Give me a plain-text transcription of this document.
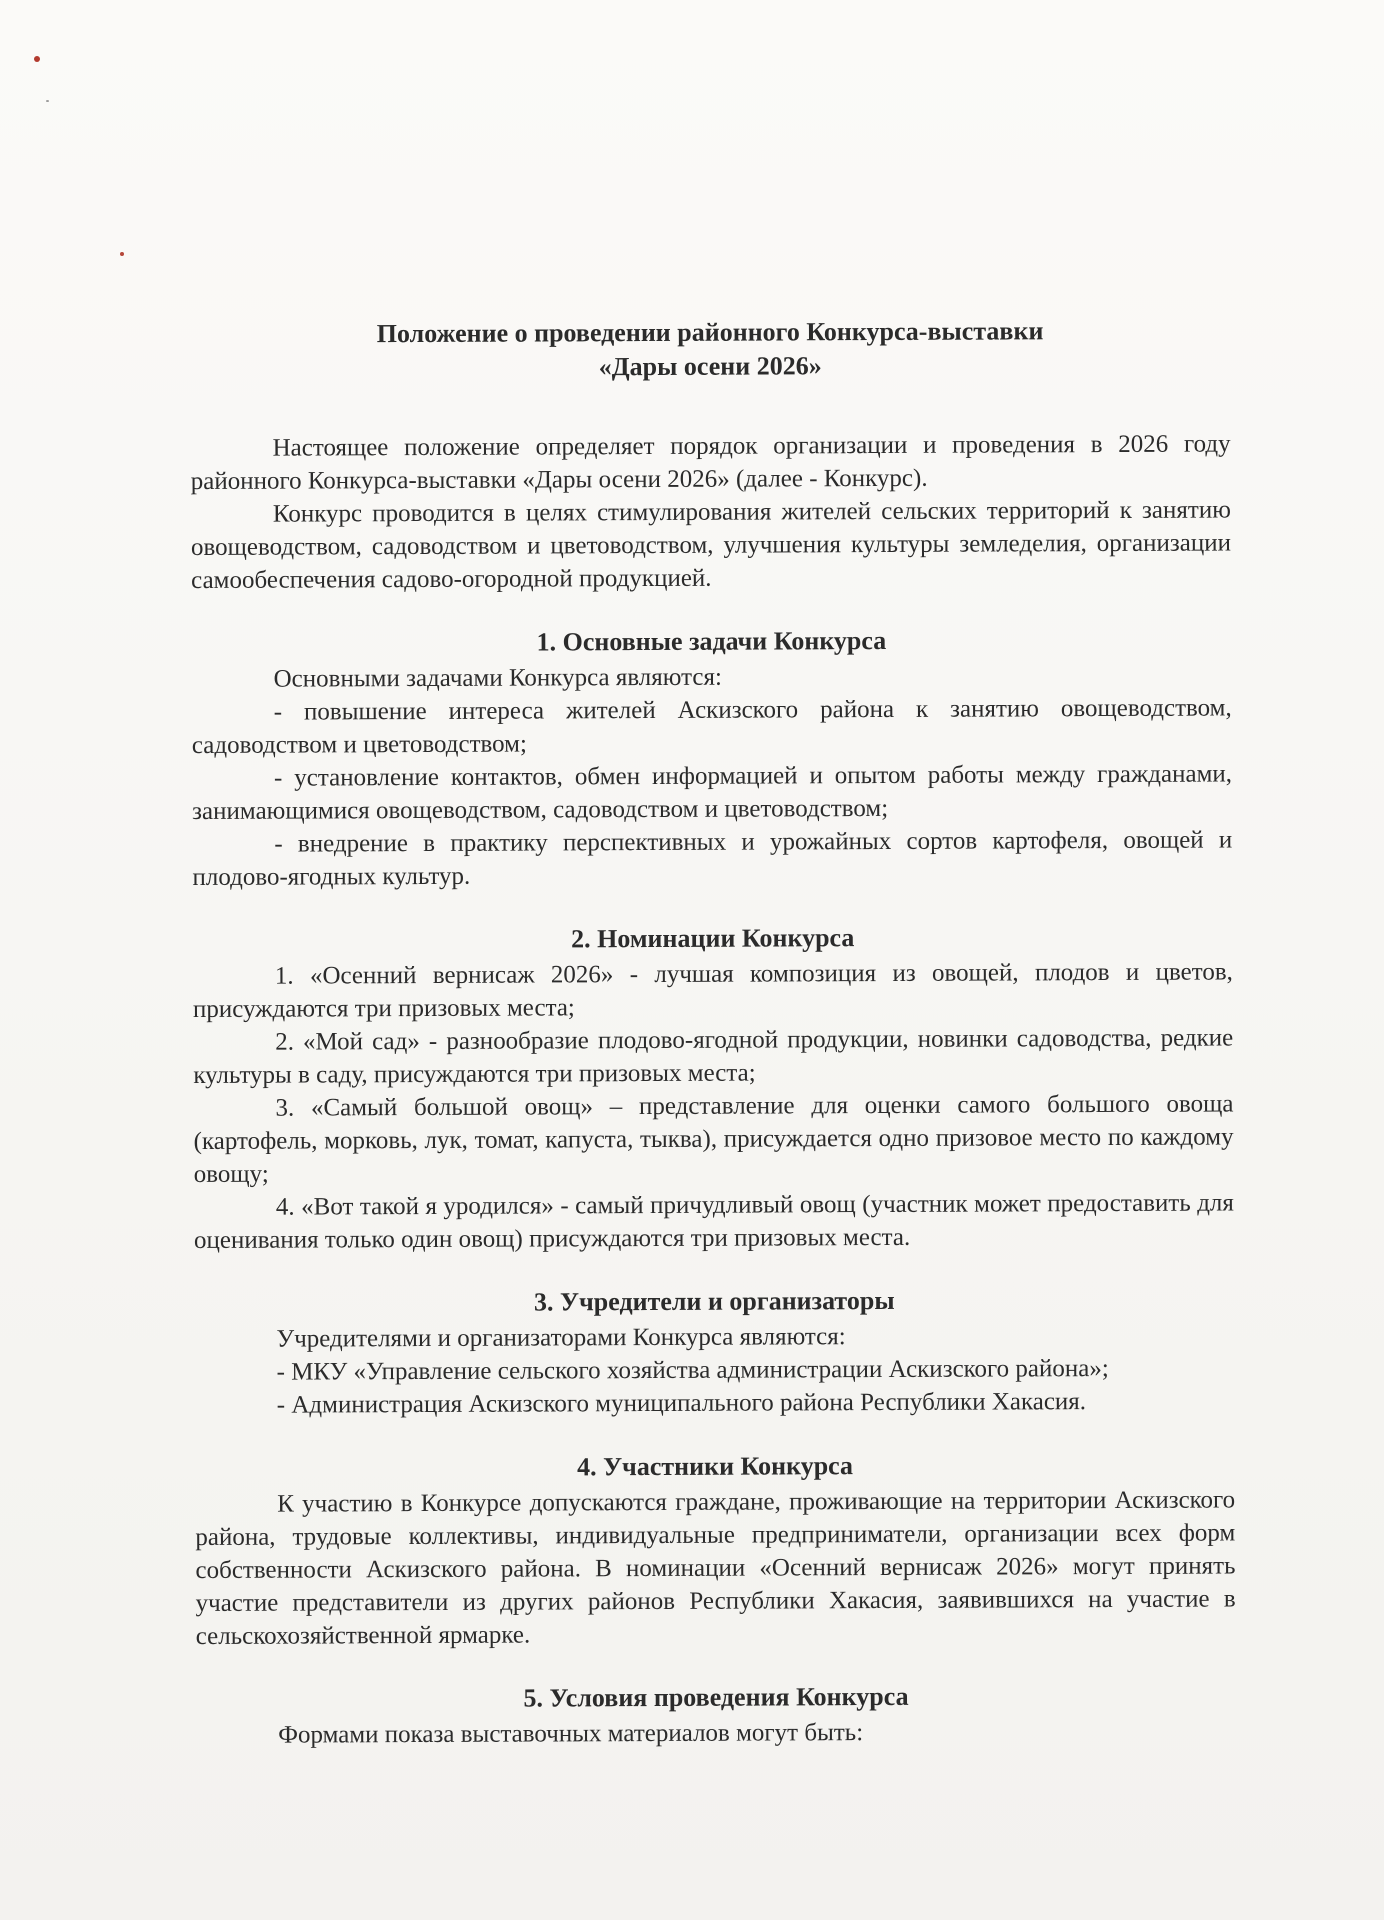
Положение о проведении районного Конкурса-выставки
«Дары осени 2026»

Настоящее положение определяет порядок организации и проведения в 2026 году районного Конкурса-выставки «Дары осени 2026» (далее - Конкурс).

Конкурс проводится в целях стимулирования жителей сельских территорий к занятию овощеводством, садоводством и цветоводством, улучшения культуры земледелия, организации самообеспечения садово-огородной продукцией.

1. Основные задачи Конкурса

Основными задачами Конкурса являются:

- повышение интереса жителей Аскизского района к занятию овощеводством, садоводством и цветоводством;

- установление контактов, обмен информацией и опытом работы между гражданами, занимающимися овощеводством, садоводством и цветоводством;

- внедрение в практику перспективных и урожайных сортов картофеля, овощей и плодово-ягодных культур.

2. Номинации Конкурса

1. «Осенний вернисаж 2026» - лучшая композиция из овощей, плодов и цветов, присуждаются три призовых места;

2. «Мой сад» - разнообразие плодово-ягодной продукции, новинки садоводства, редкие культуры в саду, присуждаются три призовых места;

3. «Самый большой овощ» – представление для оценки самого большого овоща (картофель, морковь, лук, томат, капуста, тыква), присуждается одно призовое место по каждому овощу;

4. «Вот такой я уродился» - самый причудливый овощ (участник может предоставить для оценивания только один овощ) присуждаются три призовых места.

3. Учредители и организаторы

Учредителями и организаторами Конкурса являются:

- МКУ «Управление сельского хозяйства администрации Аскизского района»;

- Администрация Аскизского муниципального района Республики Хакасия.

4. Участники Конкурса

К участию в Конкурсе допускаются граждане, проживающие на территории Аскизского района, трудовые коллективы, индивидуальные предприниматели, организации всех форм собственности Аскизского района. В номинации «Осенний вернисаж 2026» могут принять участие представители из других районов Республики Хакасия, заявившихся на участие в сельскохозяйственной ярмарке.

5. Условия проведения Конкурса

Формами показа выставочных материалов могут быть:
